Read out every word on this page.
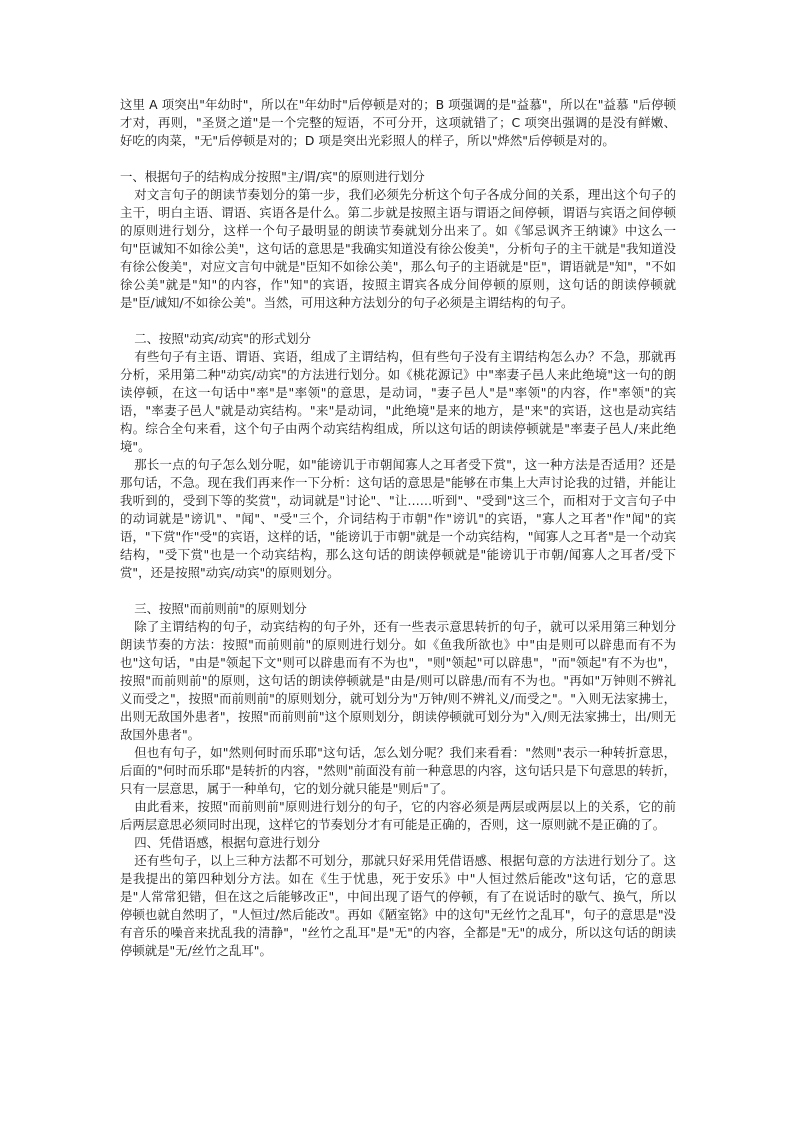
这里 A 项突出"年幼时"，所以在"年幼时"后停顿是对的；B 项强调的是"益慕"，所以在"益慕 "后停顿才对，再则，"圣贤之道"是一个完整的短语，不可分开，这项就错了；C 项突出强调的是没有鲜嫩、好吃的肉菜，"无"后停顿是对的；D 项是突出光彩照人的样子，所以"烨然"后停顿是对的。

一、根据句子的结构成分按照"主/谓/宾"的原则进行划分

对文言句子的朗读节奏划分的第一步，我们必须先分析这个句子各成分间的关系，理出这个句子的主干，明白主语、谓语、宾语各是什么。第二步就是按照主语与谓语之间停顿，谓语与宾语之间停顿的原则进行划分，这样一个句子最明显的朗读节奏就划分出来了。如《邹忌讽齐王纳谏》中这么一句"臣诚知不如徐公美"，这句话的意思是"我确实知道没有徐公俊美"，分析句子的主干就是"我知道没有徐公俊美"，对应文言句中就是"臣知不如徐公美"，那么句子的主语就是"臣"，谓语就是"知"，"不如徐公美"就是"知"的内容，作"知"的宾语，按照主谓宾各成分间停顿的原则，这句话的朗读停顿就是"臣/诚知/不如徐公美"。当然，可用这种方法划分的句子必须是主谓结构的句子。

二、按照"动宾/动宾"的形式划分

有些句子有主语、谓语、宾语，组成了主谓结构，但有些句子没有主谓结构怎么办？不急，那就再分析，采用第二种"动宾/动宾"的方法进行划分。如《桃花源记》中"率妻子邑人来此绝境"这一句的朗读停顿，在这一句话中"率"是"率领"的意思，是动词，"妻子邑人"是"率领"的内容，作"率领"的宾语，"率妻子邑人"就是动宾结构。"来"是动词，"此绝境"是来的地方，是"来"的宾语，这也是动宾结构。综合全句来看，这个句子由两个动宾结构组成，所以这句话的朗读停顿就是"率妻子邑人/来此绝境"。

那长一点的句子怎么划分呢，如"能谤讥于市朝闻寡人之耳者受下赏"，这一种方法是否适用？还是那句话，不急。现在我们再来作一下分析：这句话的意思是"能够在市集上大声讨论我的过错，并能让我听到的，受到下等的奖赏"，动词就是"讨论"、"让……听到"、"受到"这三个，而相对于文言句子中的动词就是"谤讥"、"闻"、"受"三个，介词结构于市朝"作"谤讥"的宾语，"寡人之耳者"作"闻"的宾语，"下赏"作"受"的宾语，这样的话，"能谤讥于市朝"就是一个动宾结构，"闻寡人之耳者"是一个动宾结构，"受下赏"也是一个动宾结构，那么这句话的朗读停顿就是"能谤讥于市朝/闻寡人之耳者/受下赏"，还是按照"动宾/动宾"的原则划分。

三、按照"而前则前"的原则划分

除了主谓结构的句子，动宾结构的句子外，还有一些表示意思转折的句子，就可以采用第三种划分朗读节奏的方法：按照"而前则前"的原则进行划分。如《鱼我所欲也》中"由是则可以辟患而有不为也"这句话，"由是"领起下文"则可以辟患而有不为也"，"则"领起"可以辟患"，"而"领起"有不为也"，按照"而前则前"的原则，这句话的朗读停顿就是"由是/则可以辟患/而有不为也。"再如"万钟则不辨礼义而受之"，按照"而前则前"的原则划分，就可划分为"万钟/则不辨礼义/而受之"。"入则无法家拂士，出则无敌国外患者"，按照"而前则前"这个原则划分，朗读停顿就可划分为"入/则无法家拂士，出/则无敌国外患者"。

但也有句子，如"然则何时而乐耶"这句话，怎么划分呢？我们来看看："然则"表示一种转折意思，后面的"何时而乐耶"是转折的内容，"然则"前面没有前一种意思的内容，这句话只是下句意思的转折，只有一层意思，属于一种单句，它的划分就只能是"则后"了。

由此看来，按照"而前则前"原则进行划分的句子，它的内容必须是两层或两层以上的关系，它的前后两层意思必须同时出现，这样它的节奏划分才有可能是正确的，否则，这一原则就不是正确的了。

四、凭借语感，根据句意进行划分

还有些句子，以上三种方法都不可划分，那就只好采用凭借语感、根据句意的方法进行划分了。这是我提出的第四种划分方法。如在《生于忧患，死于安乐》中"人恒过然后能改"这句话，它的意思是"人常常犯错，但在这之后能够改正"，中间出现了语气的停顿，有了在说话时的歇气、换气，所以停顿也就自然明了，"人恒过/然后能改"。再如《陋室铭》中的这句"无丝竹之乱耳"，句子的意思是"没有音乐的噪音来扰乱我的清静"，"丝竹之乱耳"是"无"的内容，全都是"无"的成分，所以这句话的朗读停顿就是"无/丝竹之乱耳"。
